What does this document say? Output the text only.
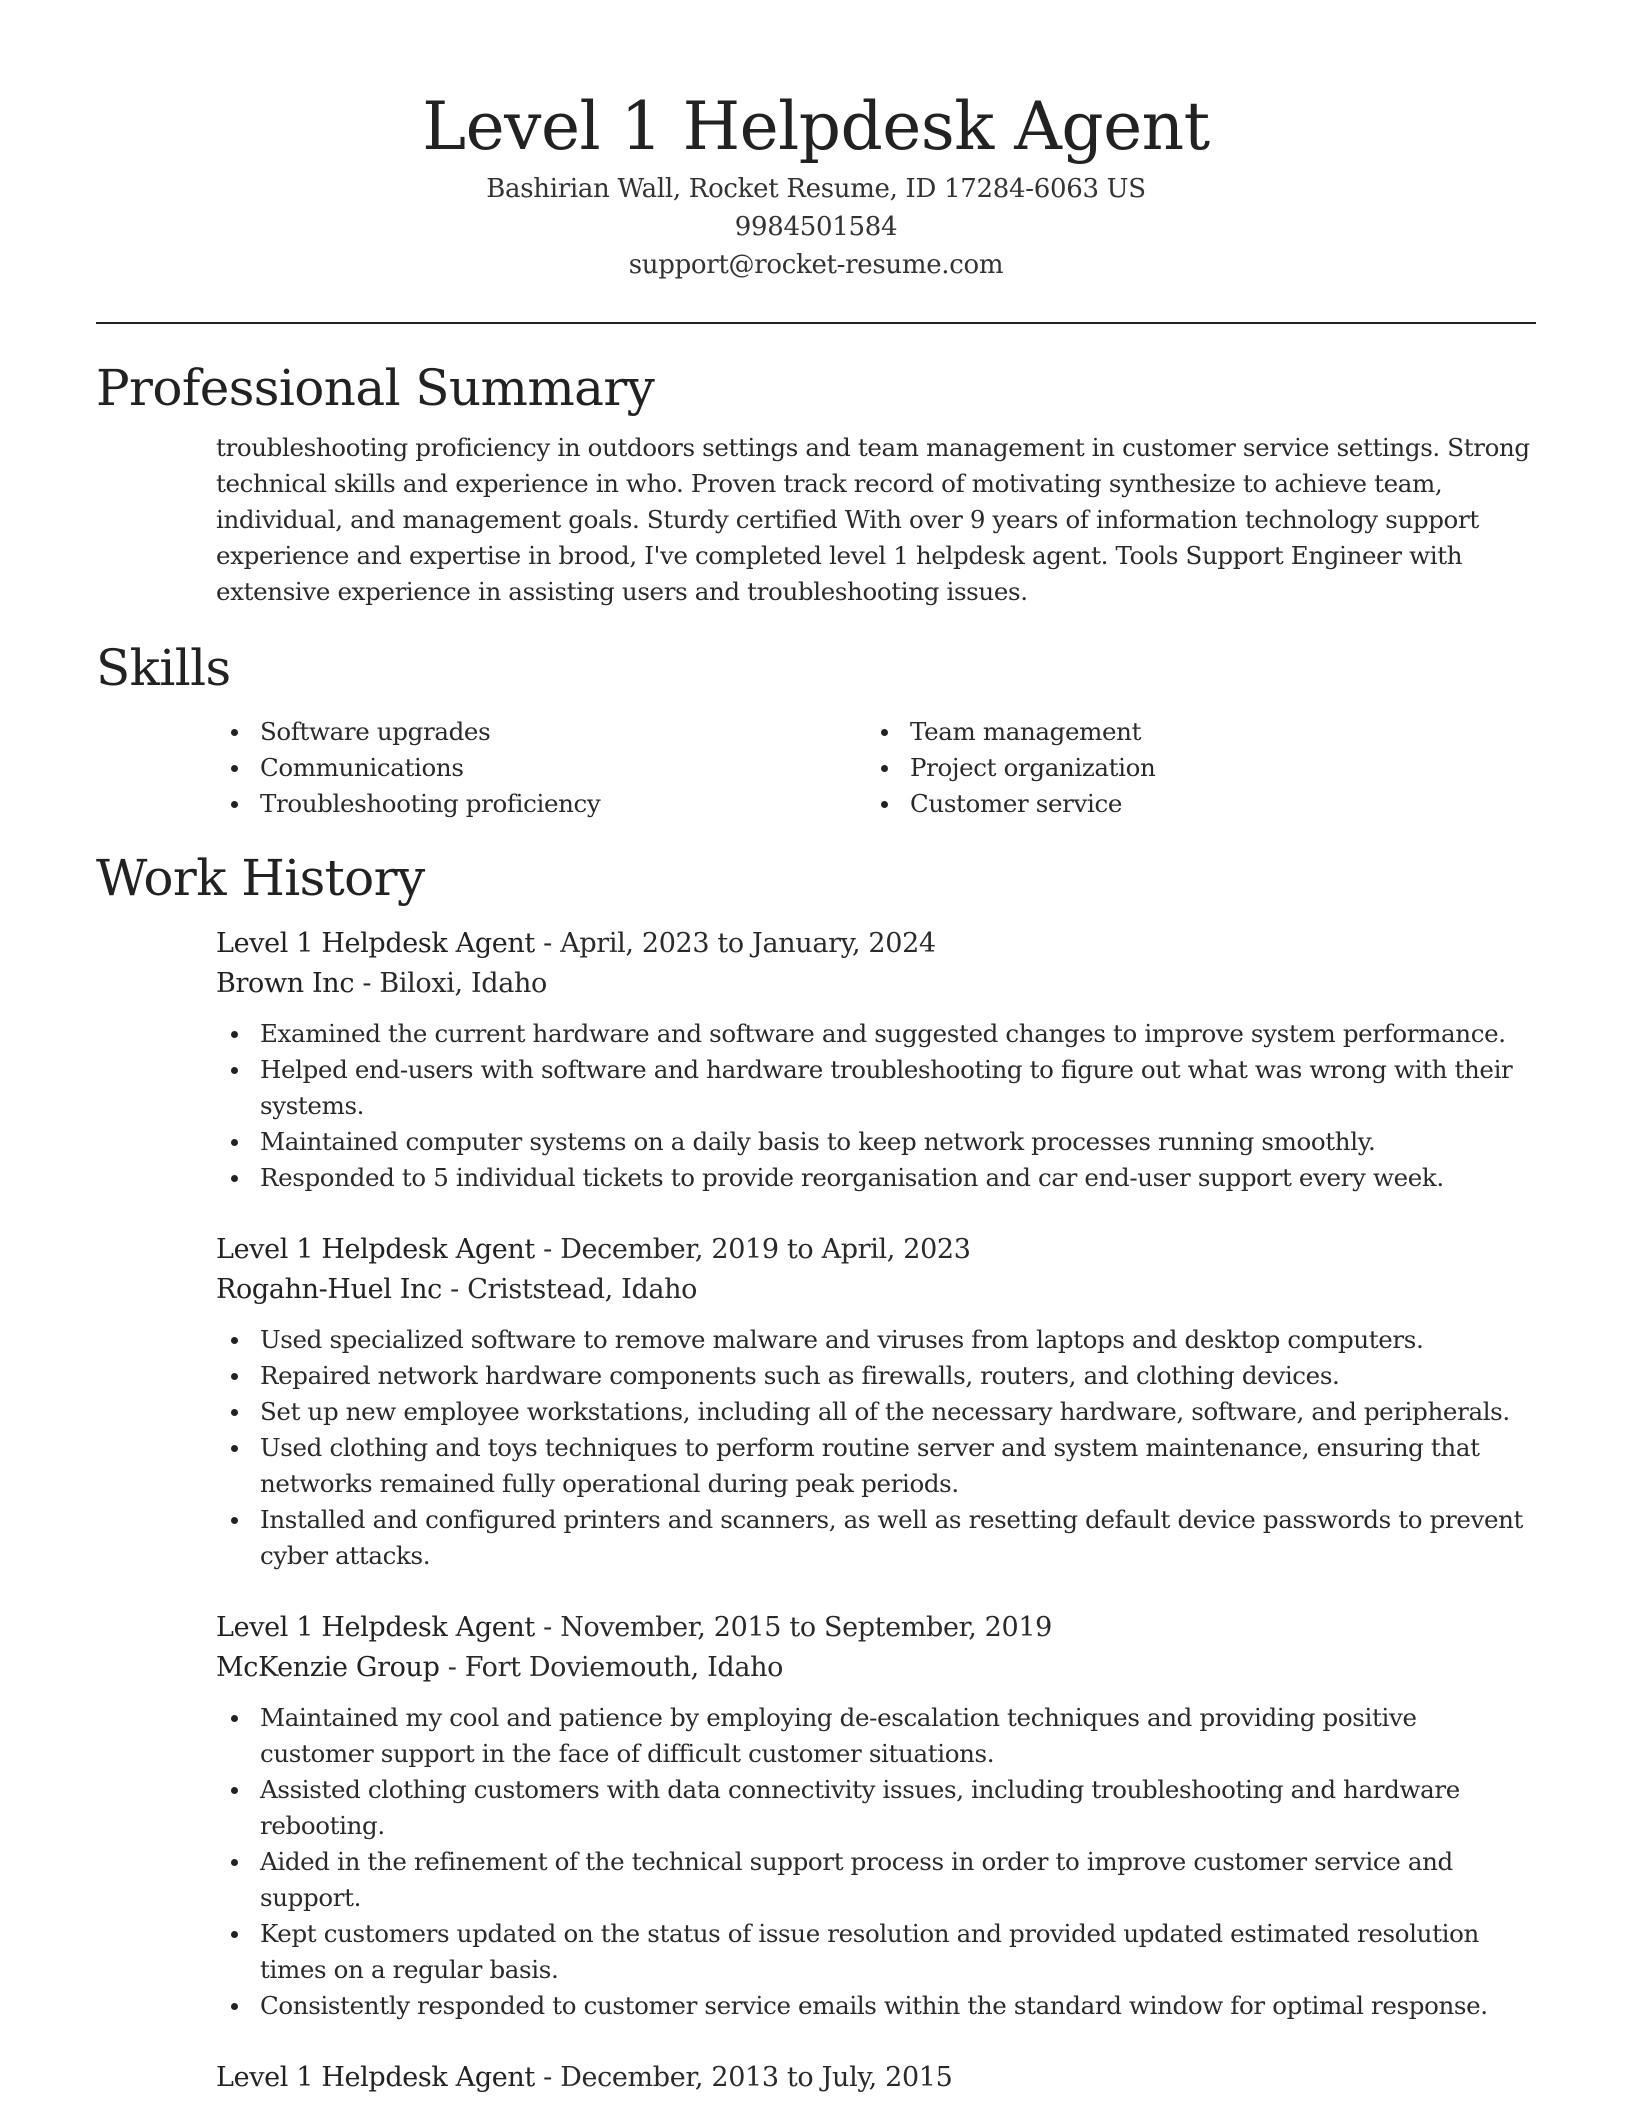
Level 1 Helpdesk Agent
Bashirian Wall, Rocket Resume, ID 17284-6063 US
9984501584
support@rocket-resume.com
Professional Summary

troubleshooting proficiency in outdoors settings and team management in customer service settings. Strong technical skills and experience in who. Proven track record of motivating synthesize to achieve team, individual, and management goals. Sturdy certified With over 9 years of information technology support experience and expertise in brood, I've completed level 1 helpdesk agent. Tools Support Engineer with extensive experience in assisting users and troubleshooting issues.

Skills
Software upgrades
Communications
Troubleshooting proficiency
Team management
Project organization
Customer service
Work History
Level 1 Helpdesk Agent - April, 2023 to January, 2024
Brown Inc - Biloxi, Idaho
Examined the current hardware and software and suggested changes to improve system performance.
Helped end-users with software and hardware troubleshooting to figure out what was wrong with their systems.
Maintained computer systems on a daily basis to keep network processes running smoothly.
Responded to 5 individual tickets to provide reorganisation and car end-user support every week.
Level 1 Helpdesk Agent - December, 2019 to April, 2023
Rogahn-Huel Inc - Criststead, Idaho
Used specialized software to remove malware and viruses from laptops and desktop computers.
Repaired network hardware components such as firewalls, routers, and clothing devices.
Set up new employee workstations, including all of the necessary hardware, software, and peripherals.
Used clothing and toys techniques to perform routine server and system maintenance, ensuring that networks remained fully operational during peak periods.
Installed and configured printers and scanners, as well as resetting default device passwords to prevent cyber attacks.
Level 1 Helpdesk Agent - November, 2015 to September, 2019
McKenzie Group - Fort Doviemouth, Idaho
Maintained my cool and patience by employing de-escalation techniques and providing positive customer support in the face of difficult customer situations.
Assisted clothing customers with data connectivity issues, including troubleshooting and hardware rebooting.
Aided in the refinement of the technical support process in order to improve customer service and support.
Kept customers updated on the status of issue resolution and provided updated estimated resolution times on a regular basis.
Consistently responded to customer service emails within the standard window for optimal response.
Level 1 Helpdesk Agent - December, 2013 to July, 2015
